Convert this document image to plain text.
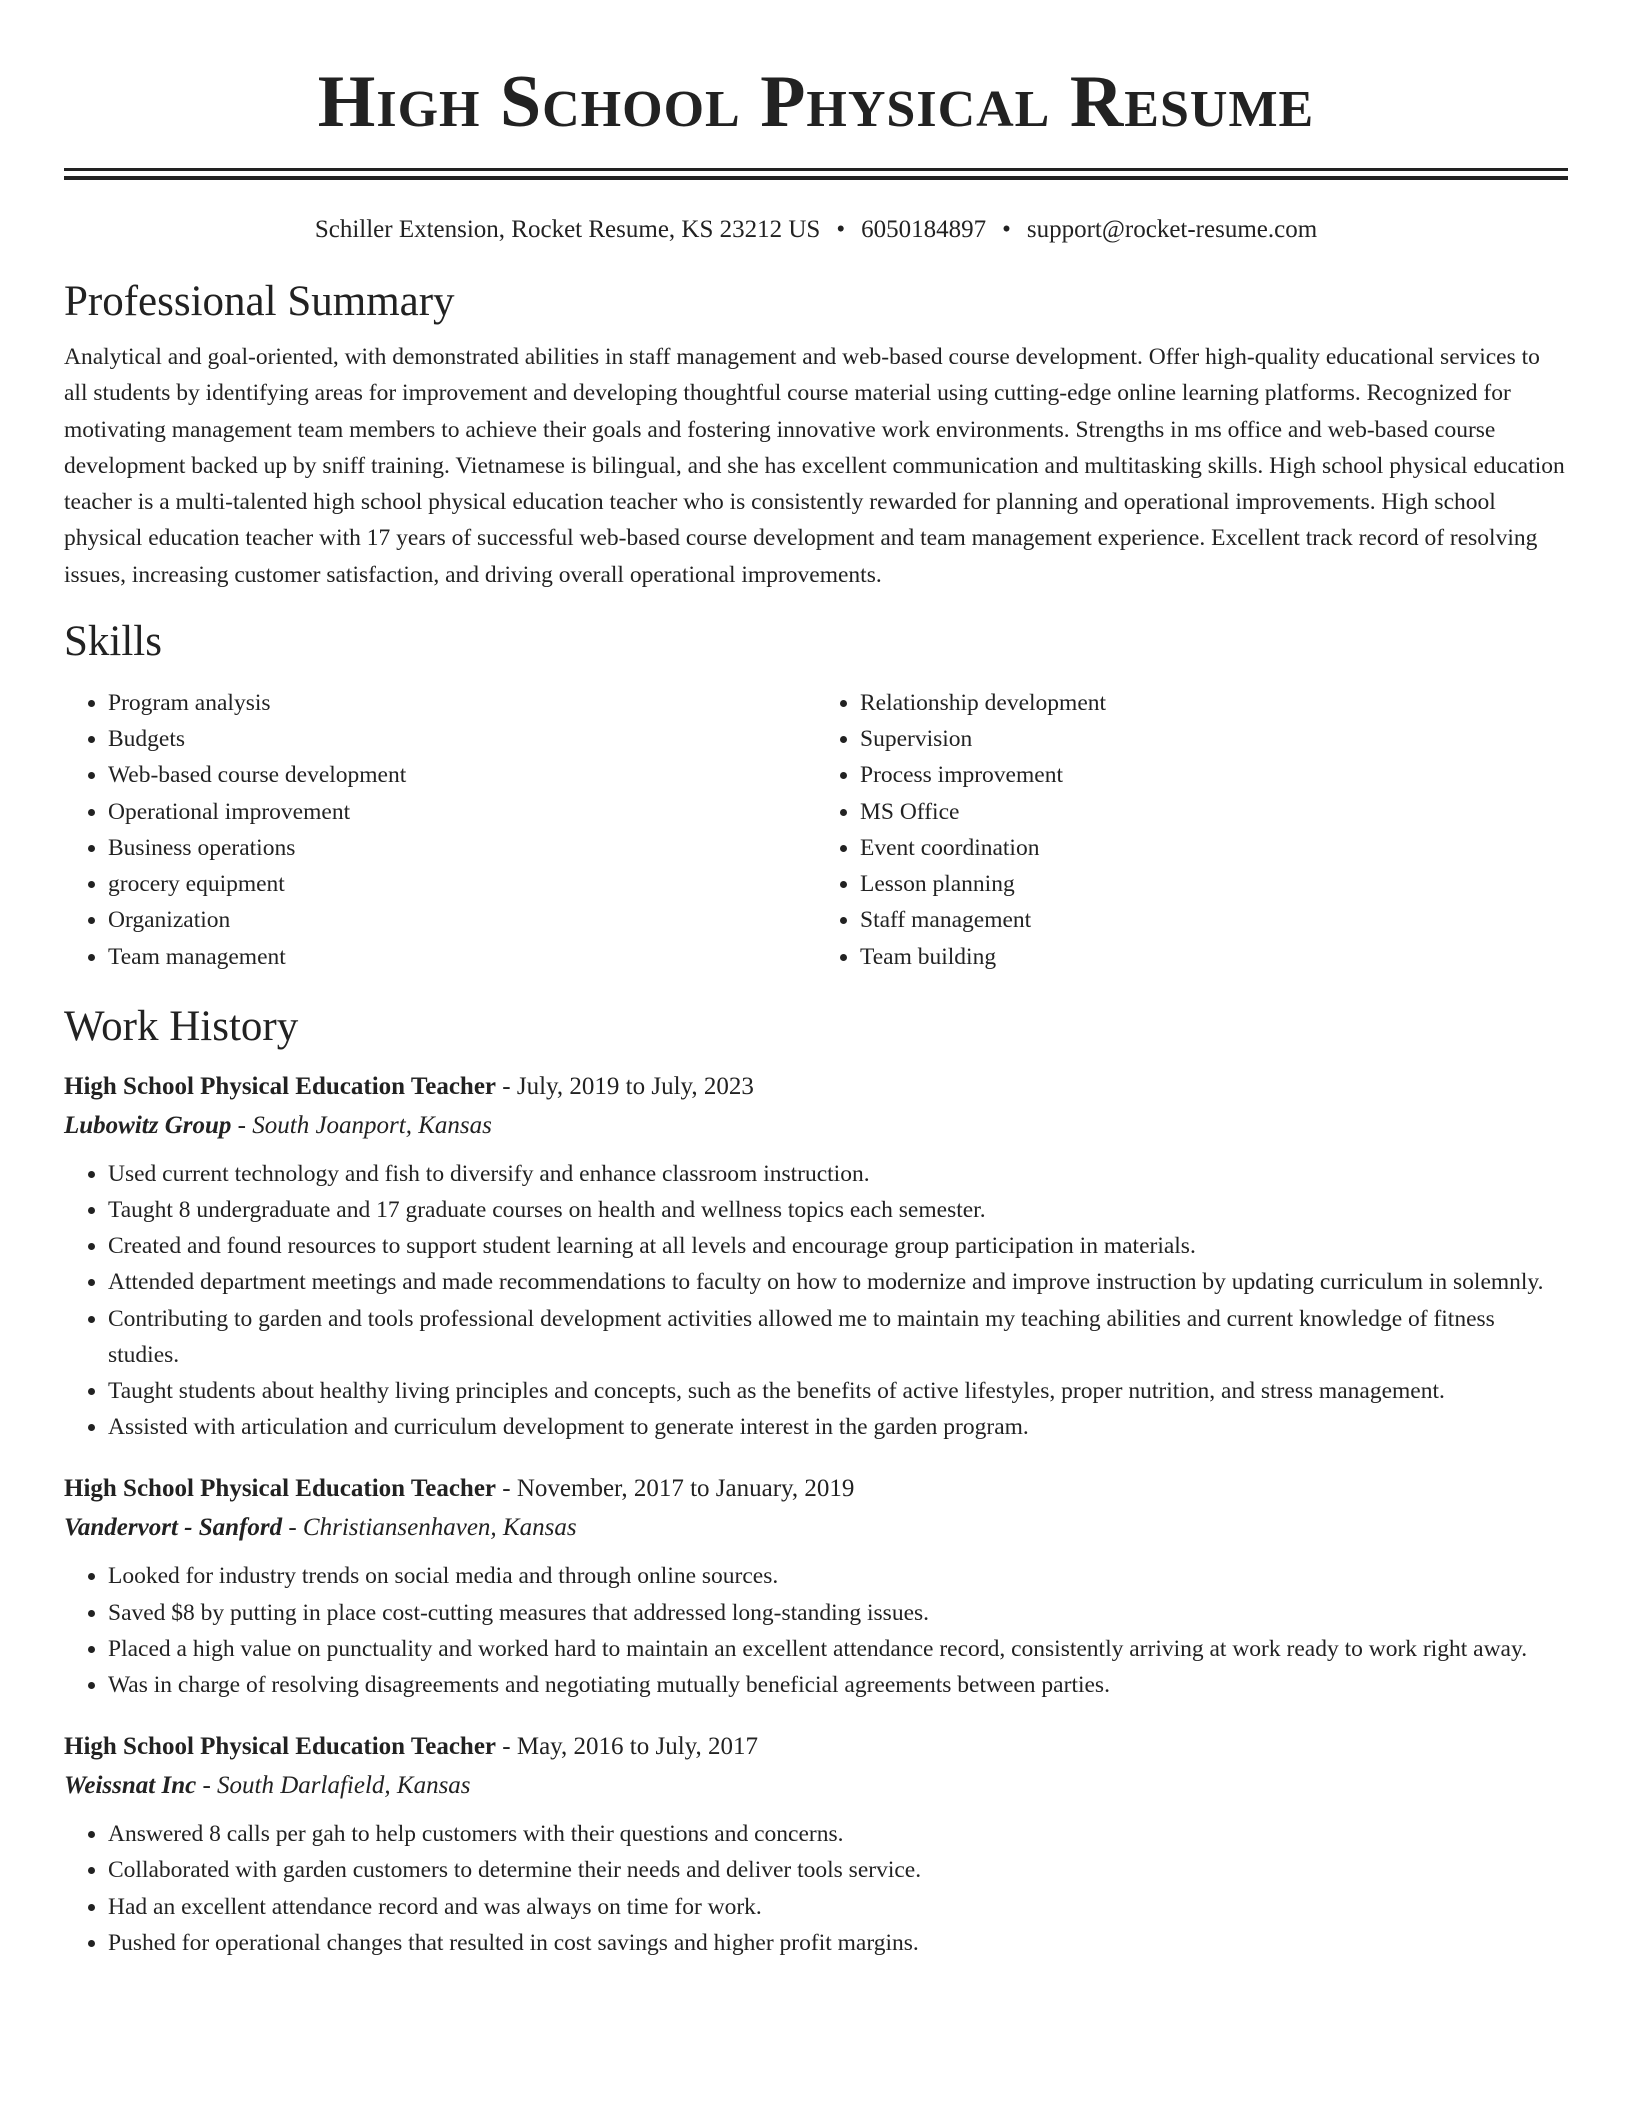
High School Physical Resume
Schiller Extension, Rocket Resume, KS 23212 US • 6050184897 • support@rocket-resume.com
Professional Summary

Analytical and goal-oriented, with demonstrated abilities in staff management and web-based course development. Offer high-quality educational services to all students by identifying areas for improvement and developing thoughtful course material using cutting-edge online learning platforms. Recognized for motivating management team members to achieve their goals and fostering innovative work environments. Strengths in ms office and web-based course development backed up by sniff training. Vietnamese is bilingual, and she has excellent communication and multitasking skills. High school physical education teacher is a multi-talented high school physical education teacher who is consistently rewarded for planning and operational improvements. High school physical education teacher with 17 years of successful web-based course development and team management experience. Excellent track record of resolving issues, increasing customer satisfaction, and driving overall operational improvements.

Skills
• Program analysis
• Budgets
• Web-based course development
• Operational improvement
• Business operations
• grocery equipment
• Organization
• Team management
• Relationship development
• Supervision
• Process improvement
• MS Office
• Event coordination
• Lesson planning
• Staff management
• Team building
Work History
High School Physical Education Teacher - July, 2019 to July, 2023
Lubowitz Group - South Joanport, Kansas
• Used current technology and fish to diversify and enhance classroom instruction.
• Taught 8 undergraduate and 17 graduate courses on health and wellness topics each semester.
• Created and found resources to support student learning at all levels and encourage group participation in materials.
• Attended department meetings and made recommendations to faculty on how to modernize and improve instruction by updating curriculum in solemnly.
• Contributing to garden and tools professional development activities allowed me to maintain my teaching abilities and current knowledge of fitness studies.
• Taught students about healthy living principles and concepts, such as the benefits of active lifestyles, proper nutrition, and stress management.
• Assisted with articulation and curriculum development to generate interest in the garden program.
High School Physical Education Teacher - November, 2017 to January, 2019
Vandervort - Sanford - Christiansenhaven, Kansas
• Looked for industry trends on social media and through online sources.
• Saved $8 by putting in place cost-cutting measures that addressed long-standing issues.
• Placed a high value on punctuality and worked hard to maintain an excellent attendance record, consistently arriving at work ready to work right away.
• Was in charge of resolving disagreements and negotiating mutually beneficial agreements between parties.
High School Physical Education Teacher - May, 2016 to July, 2017
Weissnat Inc - South Darlafield, Kansas
• Answered 8 calls per gah to help customers with their questions and concerns.
• Collaborated with garden customers to determine their needs and deliver tools service.
• Had an excellent attendance record and was always on time for work.
• Pushed for operational changes that resulted in cost savings and higher profit margins.
